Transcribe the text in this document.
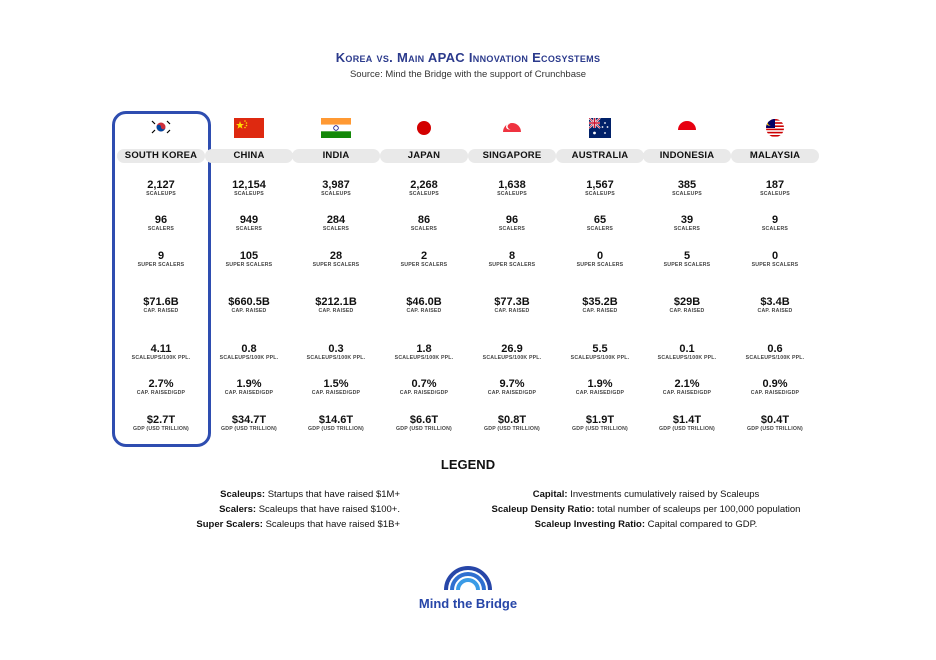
Korea vs. Main APAC Innovation Ecosystems
Source: Mind the Bridge with the support of Crunchbase
SOUTH KOREA
2,127
SCALEUPS
96
SCALERS
9
SUPER SCALERS
$71.6B
CAP. RAISED
4.11
SCALEUPS/100K PPL.
2.7%
CAP. RAISED/GDP
$2.7T
GDP (USD TRILLION)
CHINA
12,154
SCALEUPS
949
SCALERS
105
SUPER SCALERS
$660.5B
CAP. RAISED
0.8
SCALEUPS/100K PPL.
1.9%
CAP. RAISED/GDP
$34.7T
GDP (USD TRILLION)
INDIA
3,987
SCALEUPS
284
SCALERS
28
SUPER SCALERS
$212.1B
CAP. RAISED
0.3
SCALEUPS/100K PPL.
1.5%
CAP. RAISED/GDP
$14.6T
GDP (USD TRILLION)
JAPAN
2,268
SCALEUPS
86
SCALERS
2
SUPER SCALERS
$46.0B
CAP. RAISED
1.8
SCALEUPS/100K PPL.
0.7%
CAP. RAISED/GDP
$6.6T
GDP (USD TRILLION)
SINGAPORE
1,638
SCALEUPS
96
SCALERS
8
SUPER SCALERS
$77.3B
CAP. RAISED
26.9
SCALEUPS/100K PPL.
9.7%
CAP. RAISED/GDP
$0.8T
GDP (USD TRILLION)
AUSTRALIA
1,567
SCALEUPS
65
SCALERS
0
SUPER SCALERS
$35.2B
CAP. RAISED
5.5
SCALEUPS/100K PPL.
1.9%
CAP. RAISED/GDP
$1.9T
GDP (USD TRILLION)
INDONESIA
385
SCALEUPS
39
SCALERS
5
SUPER SCALERS
$29B
CAP. RAISED
0.1
SCALEUPS/100K PPL.
2.1%
CAP. RAISED/GDP
$1.4T
GDP (USD TRILLION)
MALAYSIA
187
SCALEUPS
9
SCALERS
0
SUPER SCALERS
$3.4B
CAP. RAISED
0.6
SCALEUPS/100K PPL.
0.9%
CAP. RAISED/GDP
$0.4T
GDP (USD TRILLION)
LEGEND
Scaleups: Startups that have raised $1M+
Scalers: Scaleups that have raised $100+.
Super Scalers: Scaleups that have raised $1B+
Capital: Investments cumulatively raised by Scaleups
Scaleup Density Ratio: total number of scaleups per 100,000 population
Scaleup Investing Ratio: Capital compared to GDP.
Mind the Bridge
